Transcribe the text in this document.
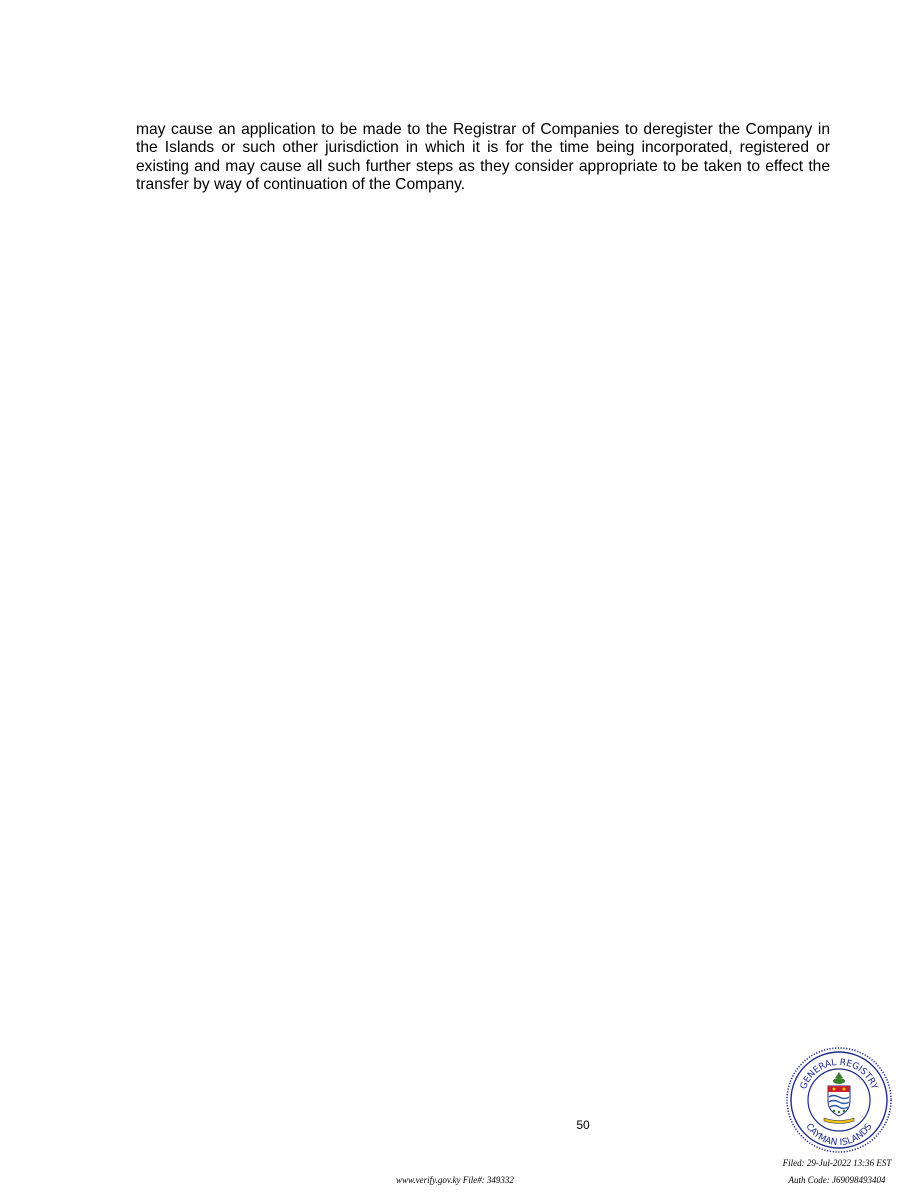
may cause an application to be made to the Registrar of Companies to deregister the Company in the Islands or such other jurisdiction in which it is for the time being incorporated, registered or existing and may cause all such further steps as they consider appropriate to be taken to effect the transfer by way of continuation of the Company.

50
www.verify.gov.ky File#: 349332
GENERAL REGISTRY
CAYMAN ISLANDS
Filed: 29-Jul-2022 13:36 EST
Auth Code: J69098493404
